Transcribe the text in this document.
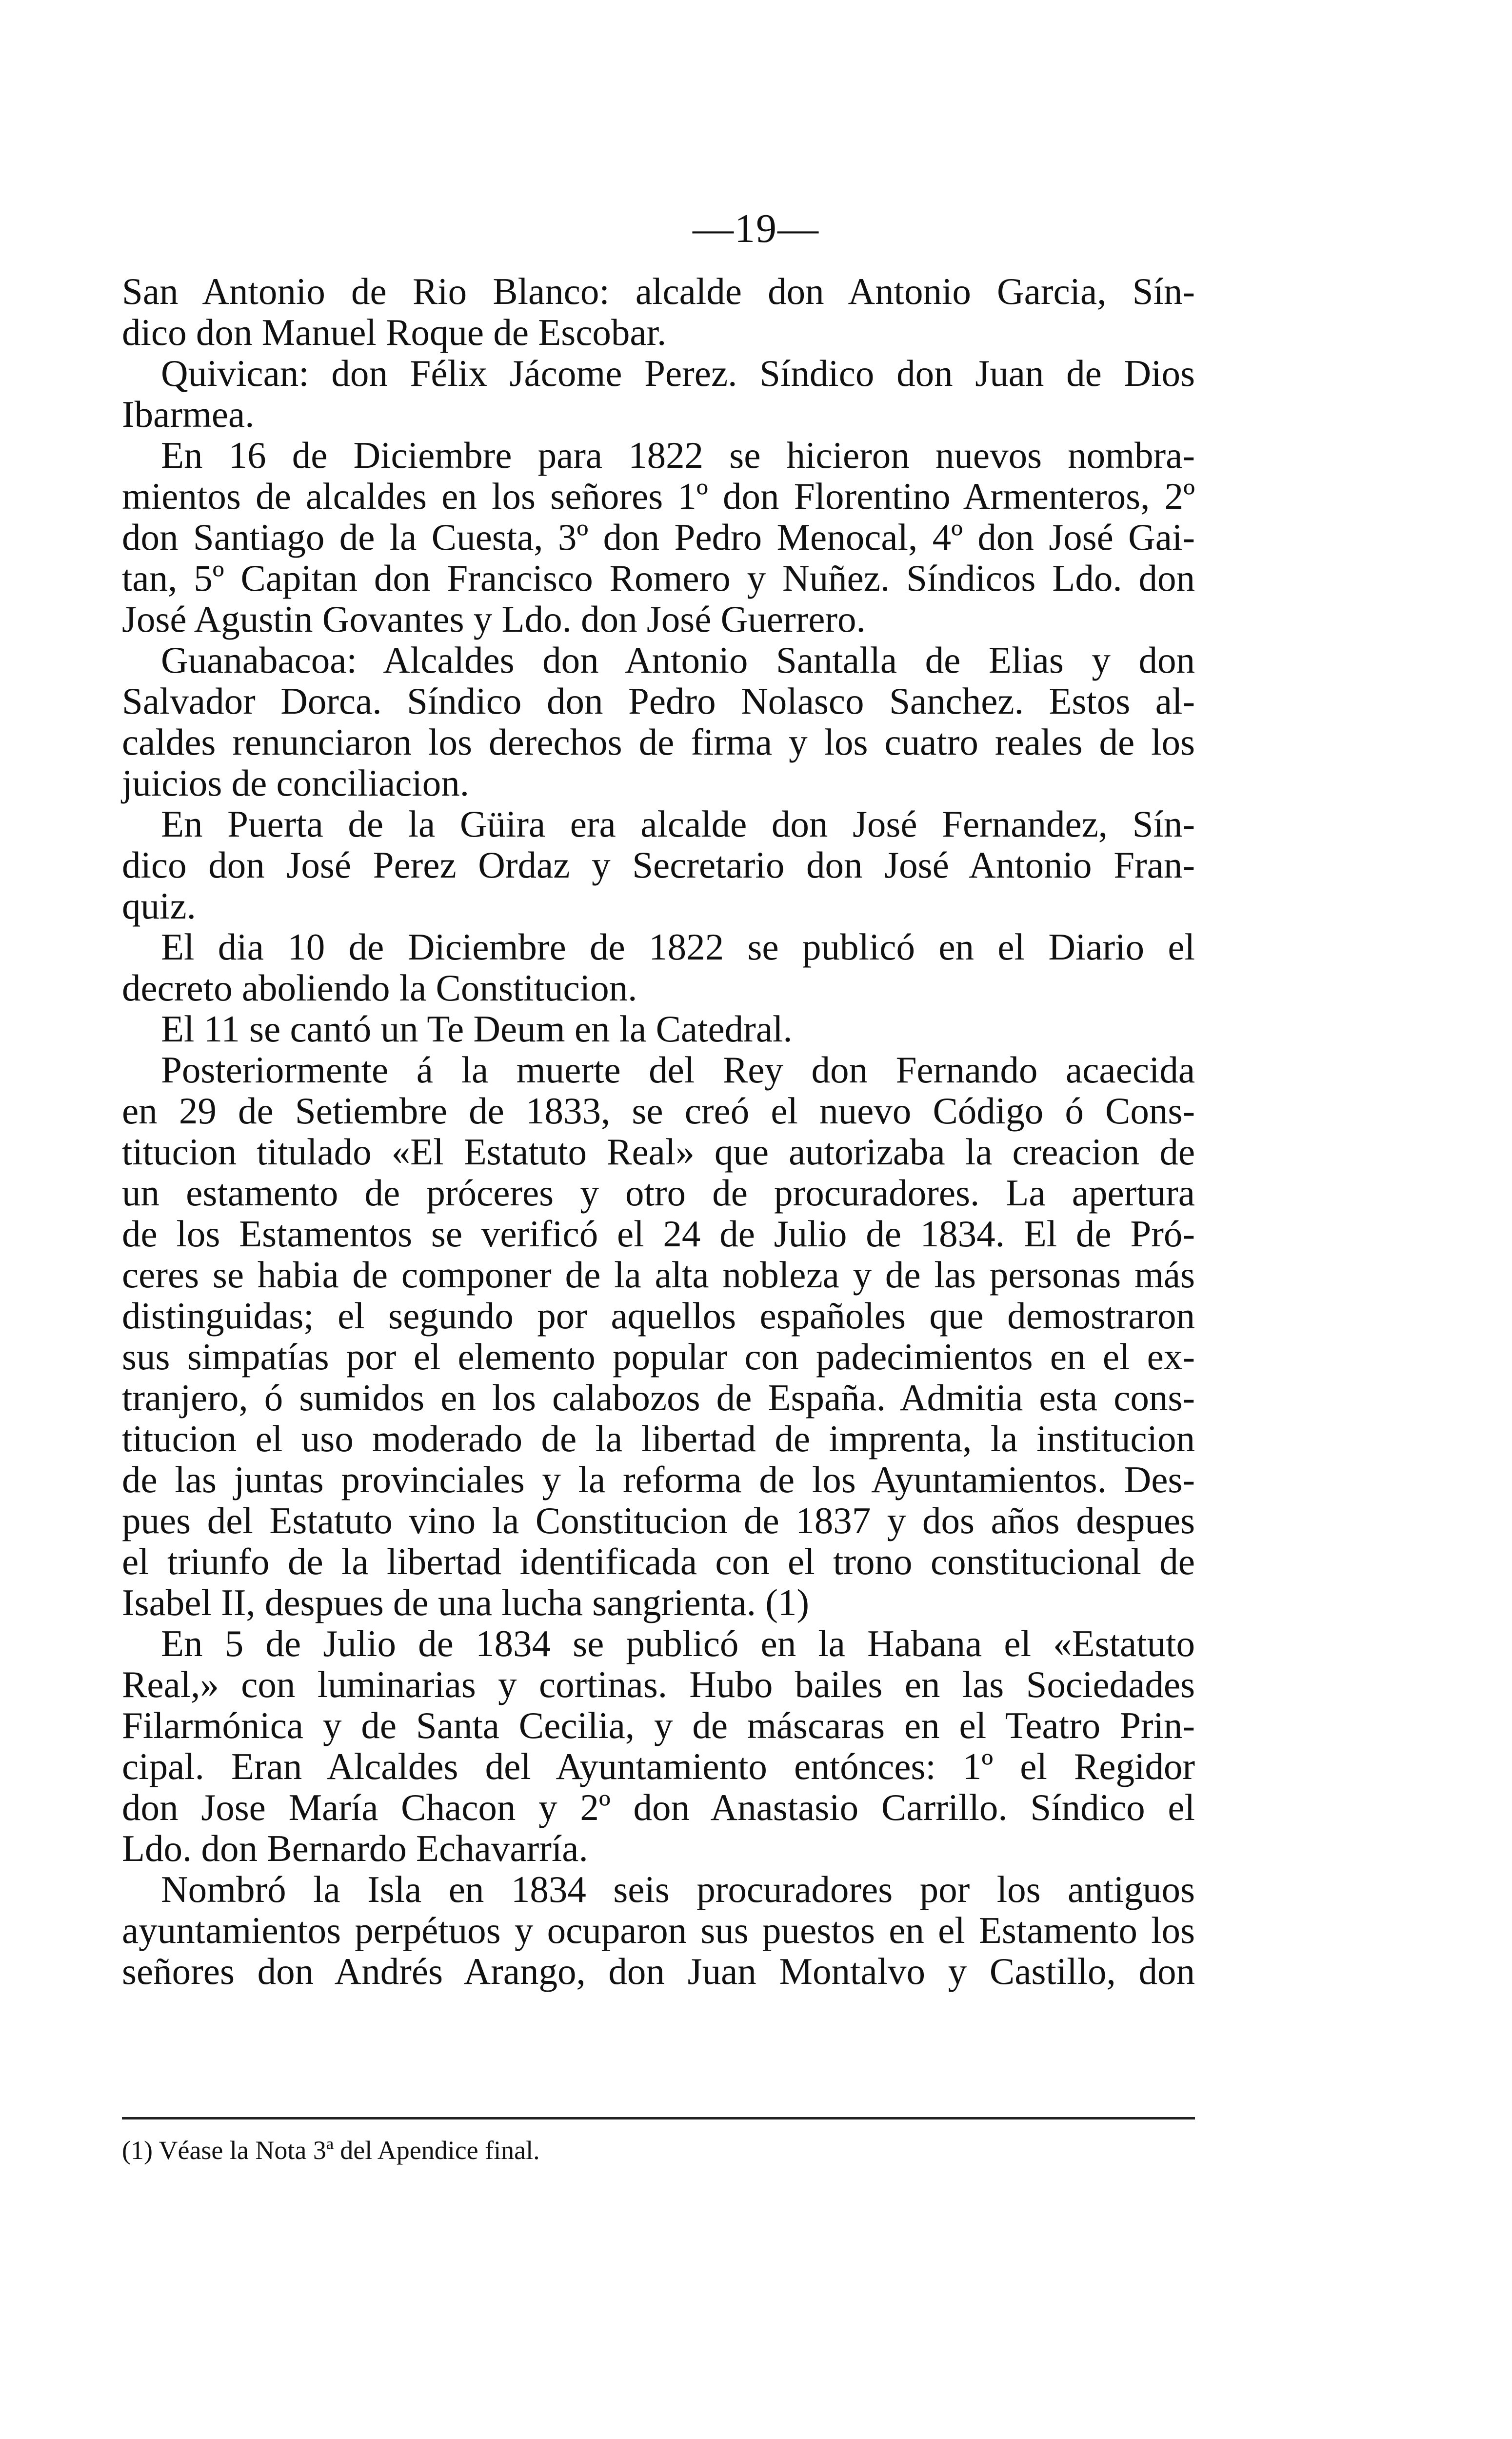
—19—
San Antonio de Rio Blanco: alcalde don Antonio Garcia, Sín-
dico don Manuel Roque de Escobar.
Quivican: don Félix Jácome Perez. Síndico don Juan de Dios
Ibarmea.
En 16 de Diciembre para 1822 se hicieron nuevos nombra-
mientos de alcaldes en los señores 1º don Florentino Armenteros, 2º
don Santiago de la Cuesta, 3º don Pedro Menocal, 4º don José Gai-
tan, 5º Capitan don Francisco Romero y Nuñez. Síndicos Ldo. don
José Agustin Govantes y Ldo. don José Guerrero.
Guanabacoa: Alcaldes don Antonio Santalla de Elias y don
Salvador Dorca. Síndico don Pedro Nolasco Sanchez. Estos al-
caldes renunciaron los derechos de firma y los cuatro reales de los
juicios de conciliacion.
En Puerta de la Güira era alcalde don José Fernandez, Sín-
dico don José Perez Ordaz y Secretario don José Antonio Fran-
quiz.
El dia 10 de Diciembre de 1822 se publicó en el Diario el
decreto aboliendo la Constitucion.
El 11 se cantó un Te Deum en la Catedral.
Posteriormente á la muerte del Rey don Fernando acaecida
en 29 de Setiembre de 1833, se creó el nuevo Código ó Cons-
titucion titulado «El Estatuto Real» que autorizaba la creacion de
un estamento de próceres y otro de procuradores. La apertura
de los Estamentos se verificó el 24 de Julio de 1834. El de Pró-
ceres se habia de componer de la alta nobleza y de las personas más
distinguidas; el segundo por aquellos españoles que demostraron
sus simpatías por el elemento popular con padecimientos en el ex-
tranjero, ó sumidos en los calabozos de España. Admitia esta cons-
titucion el uso moderado de la libertad de imprenta, la institucion
de las juntas provinciales y la reforma de los Ayuntamientos. Des-
pues del Estatuto vino la Constitucion de 1837 y dos años despues
el triunfo de la libertad identificada con el trono constitucional de
Isabel II, despues de una lucha sangrienta. (1)
En 5 de Julio de 1834 se publicó en la Habana el «Estatuto
Real,» con luminarias y cortinas. Hubo bailes en las Sociedades
Filarmónica y de Santa Cecilia, y de máscaras en el Teatro Prin-
cipal. Eran Alcaldes del Ayuntamiento entónces: 1º el Regidor
don Jose María Chacon y 2º don Anastasio Carrillo. Síndico el
Ldo. don Bernardo Echavarría.
Nombró la Isla en 1834 seis procuradores por los antiguos
ayuntamientos perpétuos y ocuparon sus puestos en el Estamento los
señores don Andrés Arango, don Juan Montalvo y Castillo, don
(1) Véase la Nota 3ª del Apendice final.
